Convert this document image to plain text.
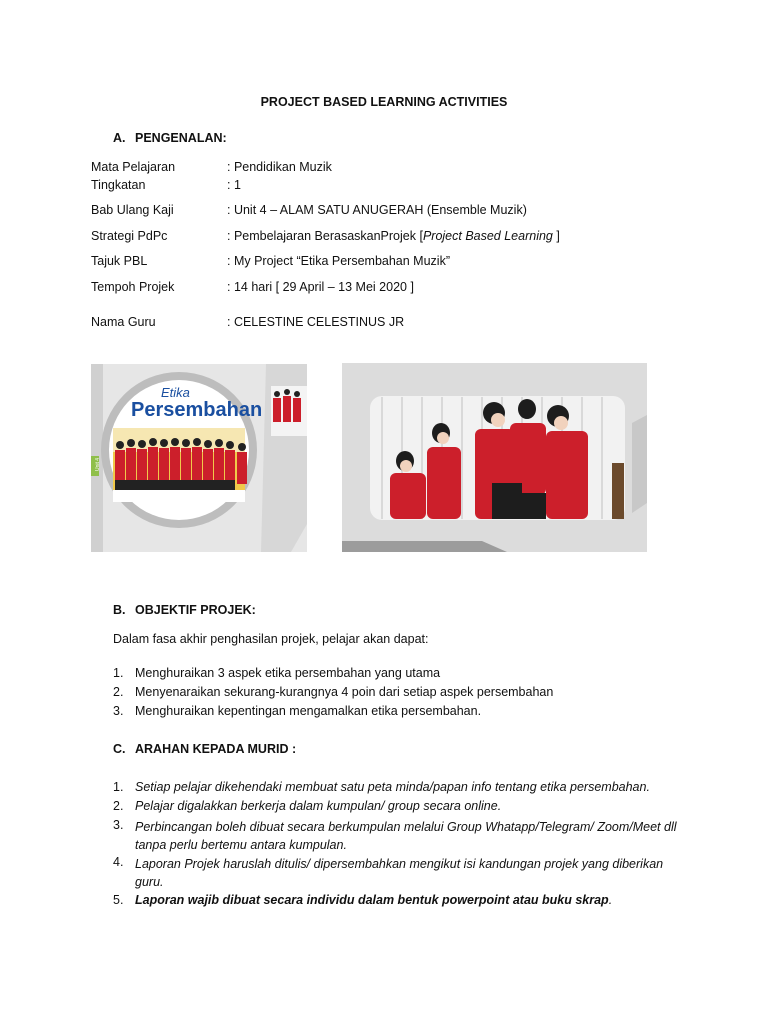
PROJECT BASED LEARNING ACTIVITIES
A. PENGENALAN:
Mata Pelajaran	: Pendidikan Muzik
Tingkatan	: 1
Bab Ulang Kaji	: Unit 4 – ALAM SATU ANUGERAH (Ensemble Muzik)
Strategi PdPc	: Pembelajaran BerasaskanProjek [Project Based Learning ]
Tajuk PBL	: My Project “Etika Persembahan Muzik”
Tempoh Projek	: 14 hari [ 29 April – 13 Mei 2020 ]
Nama Guru	: CELESTINE CELESTINUS JR
Etika
Persembahan
Unit 4
B. OBJEKTIF PROJEK:
Dalam fasa akhir penghasilan projek, pelajar akan dapat:
1. Menghuraikan 3 aspek etika persembahan yang utama
2. Menyenaraikan sekurang-kurangnya 4 poin dari setiap aspek persembahan
3. Menghuraikan kepentingan mengamalkan etika persembahan.
C. ARAHAN KEPADA MURID :
1. Setiap pelajar dikehendaki membuat satu peta minda/papan info tentang etika persembahan.
2. Pelajar digalakkan berkerja dalam kumpulan/ group secara online.
3. Perbincangan boleh dibuat secara berkumpulan melalui Group Whatapp/Telegram/ Zoom/Meet dll tanpa perlu bertemu antara kumpulan.
4. Laporan Projek haruslah ditulis/ dipersembahkan mengikut isi kandungan projek yang diberikan guru.
5. Laporan wajib dibuat secara individu dalam bentuk powerpoint atau buku skrap.
